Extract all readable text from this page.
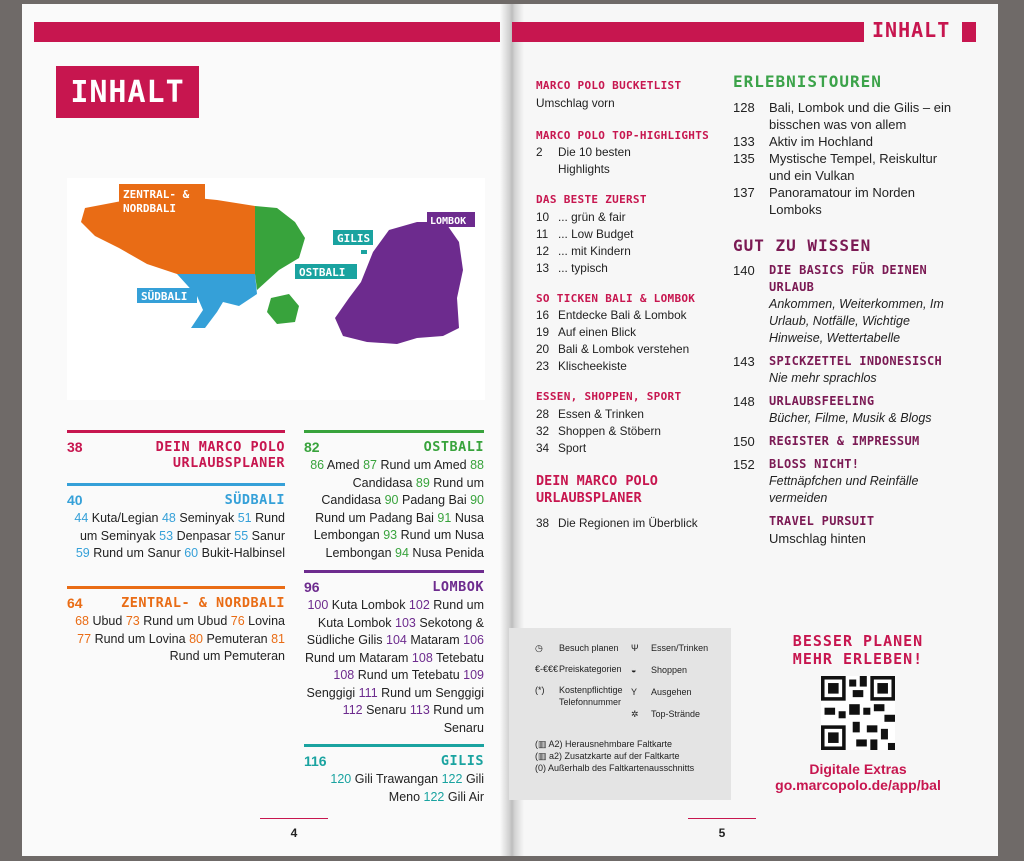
INHALT
ZENTRAL- &
NORDBALI
SÜDBALI
OSTBALI
GILIS
LOMBOK
38	DEIN MARCO POLO URLAUBSPLANER
40	SÜDBALI
44 Kuta/Legian 48 Seminyak 51 Rund um Seminyak 53 Denpasar 55 Sanur 59 Rund um Sanur 60 Bukit-Halbinsel
64	ZENTRAL- & NORDBALI
68 Ubud 73 Rund um Ubud 76 Lovina 77 Rund um Lovina 80 Pemuteran 81 Rund um Pemuteran
82	OSTBALI
86 Amed 87 Rund um Amed 88 Candidasa 89 Rund um Candidasa 90 Padang Bai 90 Rund um Padang Bai 91 Nusa Lembongan 93 Rund um Nusa Lembongan 94 Nusa Penida
96	LOMBOK
100 Kuta Lombok 102 Rund um Kuta Lombok 103 Sekotong & Südliche Gilis 104 Mataram 106 Rund um Mataram 108 Tetebatu 108 Rund um Tetebatu 109 Senggigi 111 Rund um Senggigi 112 Senaru 113 Rund um Senaru
116	GILIS
120 Gili Trawangan 122 Gili Meno 122 Gili Air
4
INHALT
MARCO POLO BUCKETLIST
Umschlag vorn
MARCO POLO TOP-HIGHLIGHTS
2	Die 10 besten
Highlights
DAS BESTE ZUERST
10 ... grün & fair
11 ... Low Budget
12 ... mit Kindern
13 ... typisch
SO TICKEN BALI & LOMBOK
16 Entdecke Bali & Lombok
19 Auf einen Blick
20 Bali & Lombok verstehen
23 Klischeekiste
ESSEN, SHOPPEN, SPORT
28 Essen & Trinken
32 Shoppen & Stöbern
34 Sport
DEIN MARCO POLO
URLAUBSPLANER
38 Die Regionen im Überblick
ERLEBNISTOUREN
128	Bali, Lombok und die Gilis – ein bisschen was von allem
133	Aktiv im Hochland
135	Mystische Tempel, Reiskultur und ein Vulkan
137	Panoramatour im Norden Lomboks
GUT ZU WISSEN
140	DIE BASICS FÜR DEINEN URLAUB
Ankommen, Weiterkommen, Im Urlaub, Notfälle, Wichtige Hinweise, Wettertabelle
143	SPICKZETTEL INDONESISCH
Nie mehr sprachlos
148	URLAUBSFEELING
Bücher, Filme, Musik & Blogs
150	REGISTER & IMPRESSUM
152	BLOSS NICHT!
Fettnäpfchen und Reinfälle vermeiden
TRAVEL PURSUIT
Umschlag hinten
◷	Besuch planen
€-€€€ Preiskategorien
(*)	Kostenpflichtige Telefonnummer
Ψ	Essen/Trinken
◒	Shoppen
Y	Ausgehen
✲	Top-Strände
(▥ A2) Herausnehmbare Faltkarte
(▥ a2) Zusatzkarte auf der Faltkarte
(0) Außerhalb des Faltkartenausschnitts
BESSER PLANEN
MEHR ERLEBEN!
Digitale Extras
go.marcopolo.de/app/bal
5
